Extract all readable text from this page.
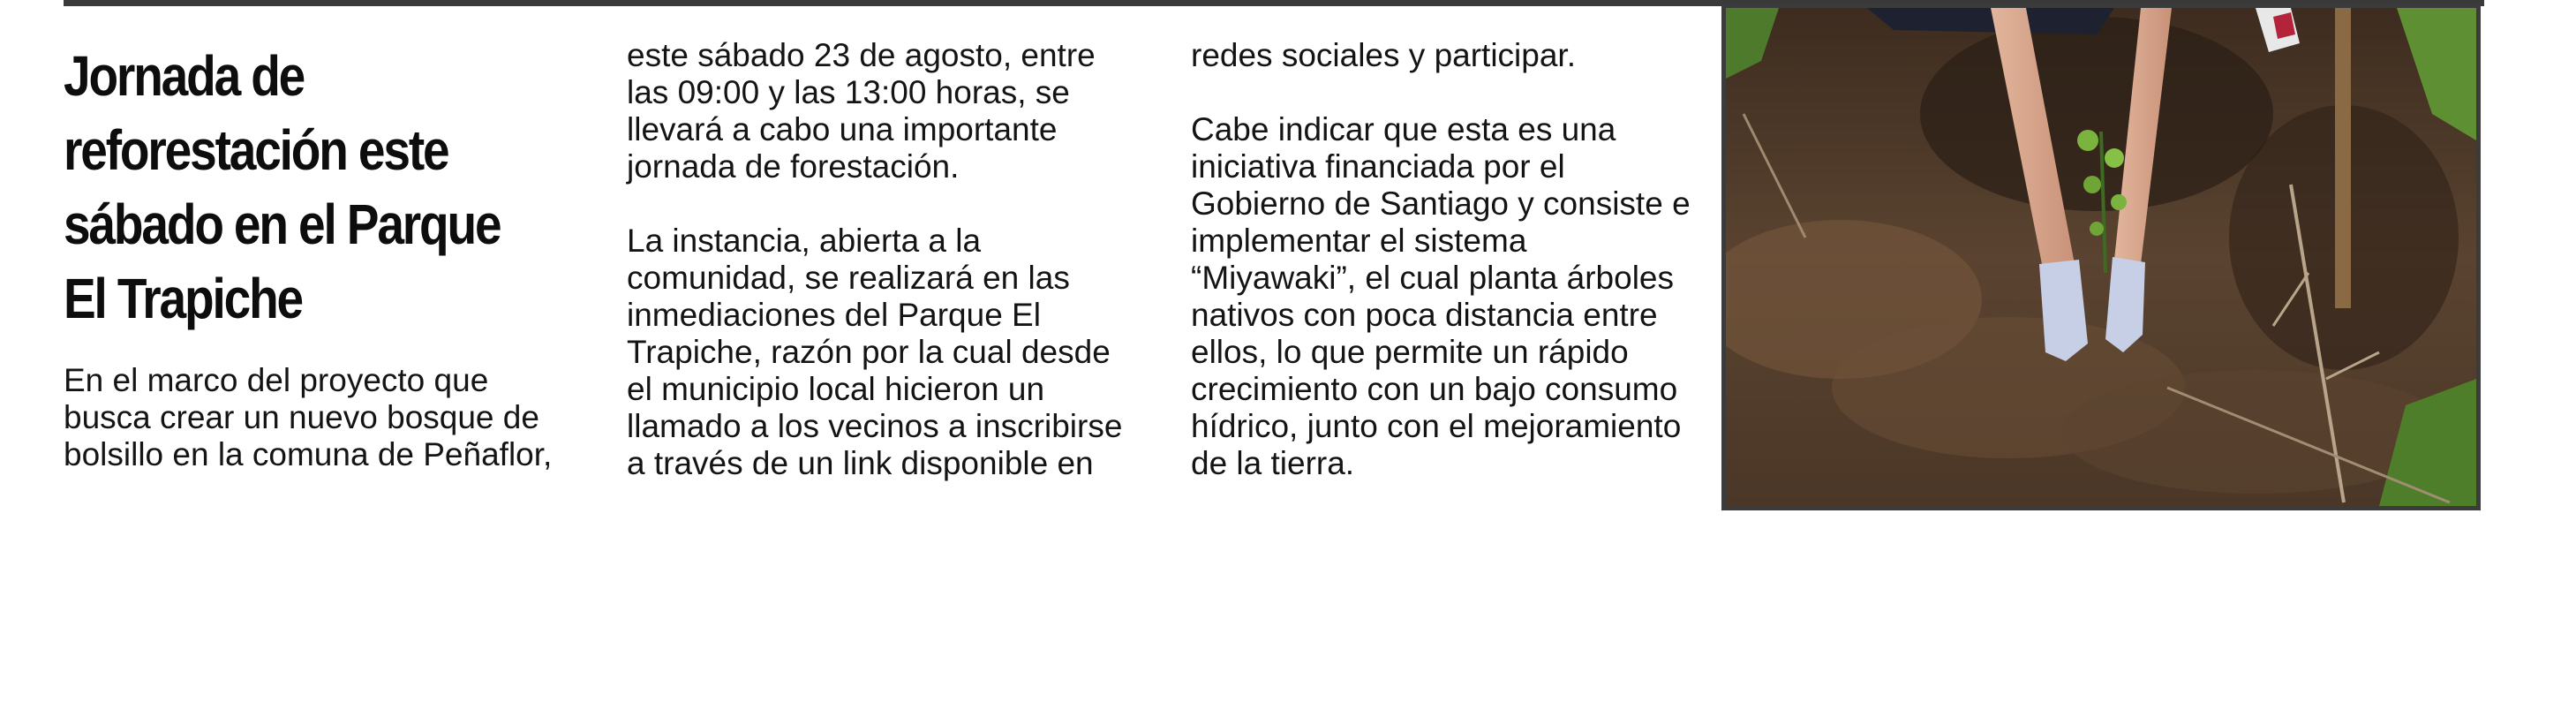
Jornada de reforestación este sábado en el Parque El Trapiche

En el marco del proyecto que
busca crear un nuevo bosque de
bolsillo en la comuna de Peñaflor,

este sábado 23 de agosto, entre
las 09:00 y las 13:00 horas, se
llevará a cabo una importante
jornada de forestación.

La instancia, abierta a la
comunidad, se realizará en las
inmediaciones del Parque El
Trapiche, razón por la cual desde
el municipio local hicieron un
llamado a los vecinos a inscribirse
a través de un link disponible en

redes sociales y participar.

Cabe indicar que esta es una
iniciativa financiada por el
Gobierno de Santiago y consiste e
implementar el sistema
“Miyawaki”, el cual planta árboles
nativos con poca distancia entre
ellos, lo que permite un rápido
crecimiento con un bajo consumo
hídrico, junto con el mejoramiento
de la tierra.
